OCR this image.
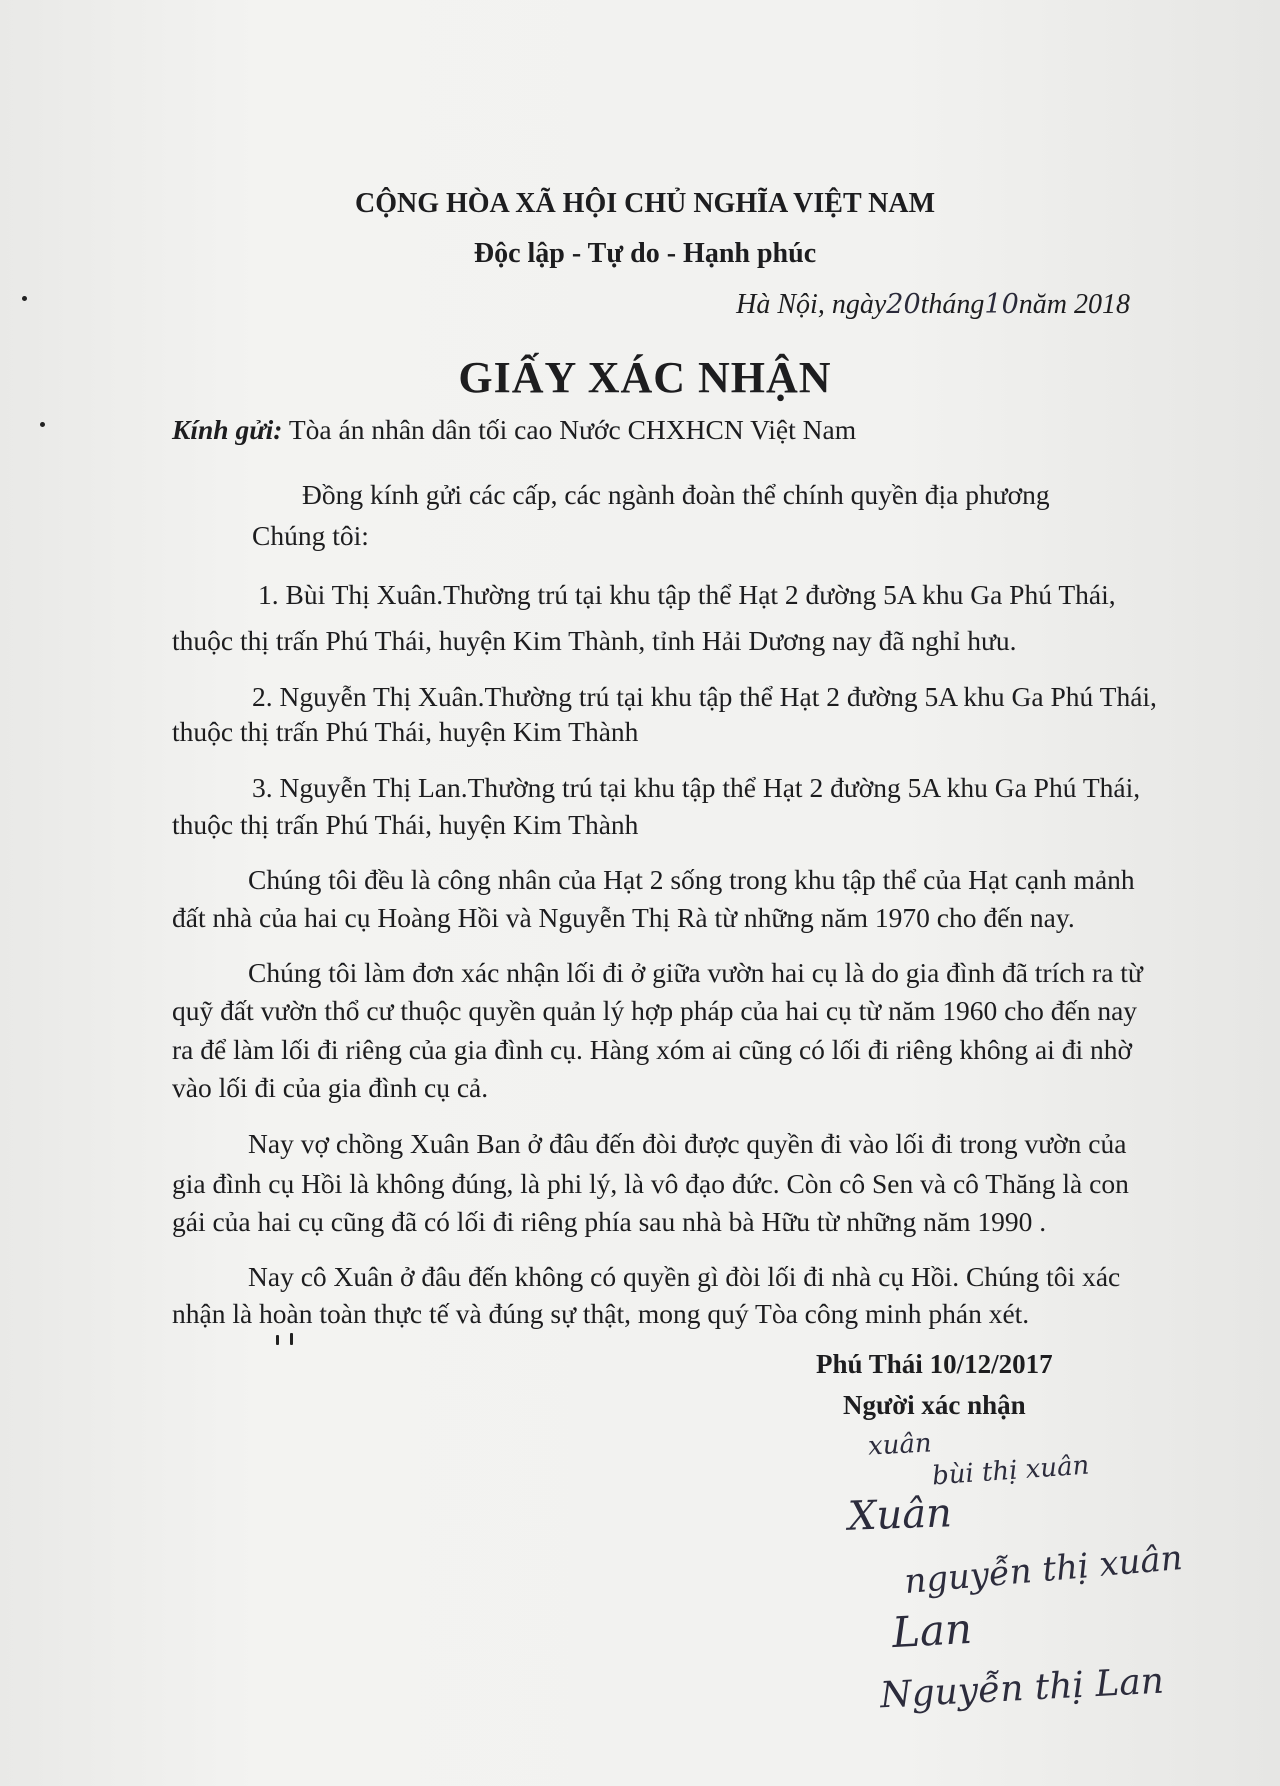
CỘNG HÒA XÃ HỘI CHỦ NGHĨA VIỆT NAM
Độc lập - Tự do - Hạnh phúc
Hà Nội, ngày20tháng10năm 2018
GIẤY XÁC NHẬN
Kính gửi: Tòa án nhân dân tối cao Nước CHXHCN Việt Nam
Đồng kính gửi các cấp, các ngành đoàn thể chính quyền địa phương
Chúng tôi:
1. Bùi Thị Xuân.Thường trú tại khu tập thể Hạt 2 đường 5A khu Ga Phú Thái,
thuộc thị trấn Phú Thái, huyện Kim Thành, tỉnh Hải Dương nay đã nghỉ hưu.
2. Nguyễn Thị Xuân.Thường trú tại khu tập thể Hạt 2 đường 5A khu Ga Phú Thái,
thuộc thị trấn Phú Thái, huyện Kim Thành
3. Nguyễn Thị Lan.Thường trú tại khu tập thể Hạt 2 đường 5A khu Ga Phú Thái,
thuộc thị trấn Phú Thái, huyện Kim Thành
Chúng tôi đều là công nhân của Hạt 2 sống trong khu tập thể của Hạt cạnh mảnh
đất nhà của hai cụ Hoàng Hồi và Nguyễn Thị Rà từ những năm 1970 cho đến nay.
Chúng tôi làm đơn xác nhận lối đi ở giữa vườn hai cụ là do gia đình đã trích ra từ
quỹ đất vườn thổ cư thuộc quyền quản lý hợp pháp của hai cụ từ năm 1960 cho đến nay
ra để làm lối đi riêng của gia đình cụ. Hàng xóm ai cũng có lối đi riêng không ai đi nhờ
vào lối đi của gia đình cụ cả.
Nay vợ chồng Xuân Ban ở đâu đến đòi được quyền đi vào lối đi trong vườn của
gia đình cụ Hồi là không đúng, là phi lý, là vô đạo đức. Còn cô Sen và cô Thăng là con
gái của hai cụ cũng đã có lối đi riêng phía sau nhà bà Hữu từ những năm 1990 .
Nay cô Xuân ở đâu đến không có quyền gì đòi lối đi nhà cụ Hồi. Chúng tôi xác
nhận là hoàn toàn thực tế và đúng sự thật, mong quý Tòa công minh phán xét.
Phú Thái 10/12/2017
Người xác nhận
xuân
bùi thị xuân
Xuân
nguyễn thị xuân
Lan
Nguyễn thị Lan
